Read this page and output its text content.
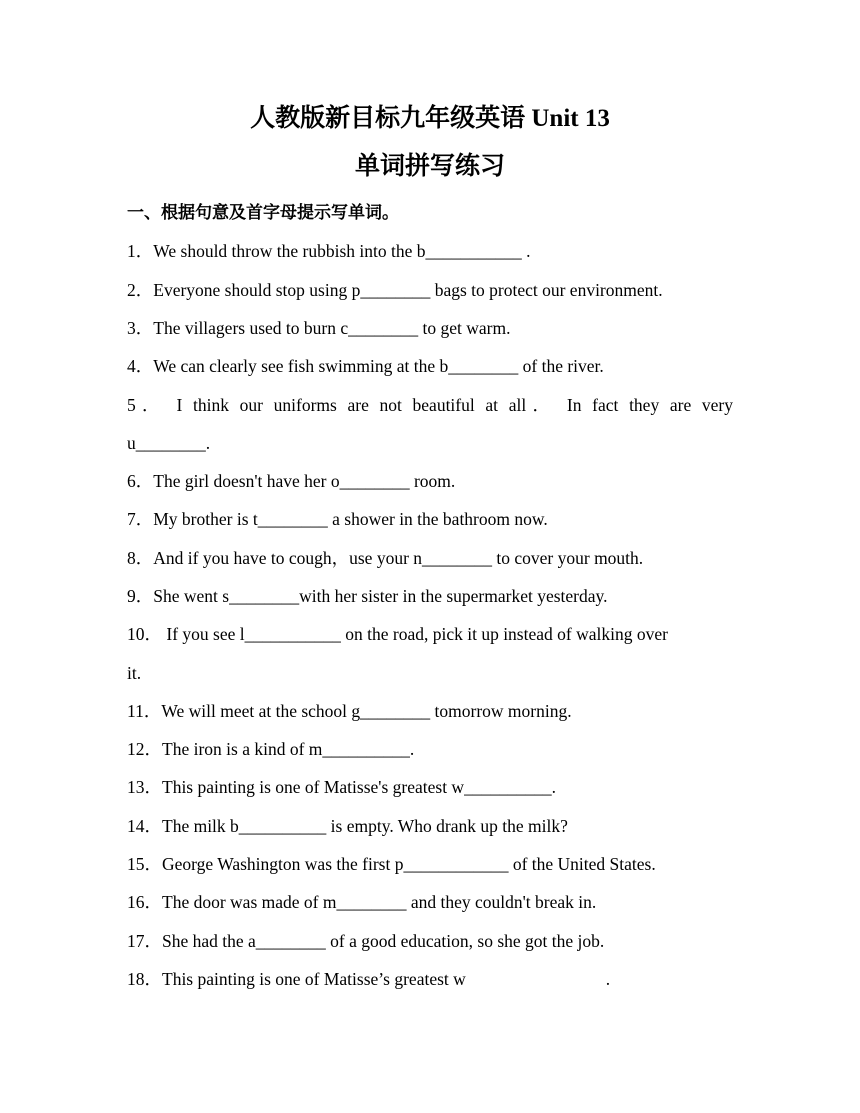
人教版新目标九年级英语 Unit 13
单词拼写练习
一、根据句意及首字母提示写单词。
1．We should throw the rubbish into the b___________ .
2．Everyone should stop using p________ bags to protect our environment.
3．The villagers used to burn c________ to get warm.
4．We can clearly see fish swimming at the b________ of the river.
5． I think our uniforms are not beautiful at all． In fact they are very
u________.
6．The girl doesn't have her o________ room.
7．My brother is t________ a shower in the bathroom now.
8．And if you have to cough，use your n________ to cover your mouth.
9．She went s________with her sister in the supermarket yesterday.
10． If you see l___________ on the road, pick it up instead of walking over
it.
11．We will meet at the school g________ tomorrow morning.
12．The iron is a kind of m__________.
13．This painting is one of Matisse's greatest w__________.
14．The milk b__________ is empty. Who drank up the milk?
15．George Washington was the first p____________ of the United States.
16．The door was made of m________ and they couldn't break in.
17．She had the a________ of a good education, so she got the job.
18．This painting is one of Matisse’s greatest w	.
